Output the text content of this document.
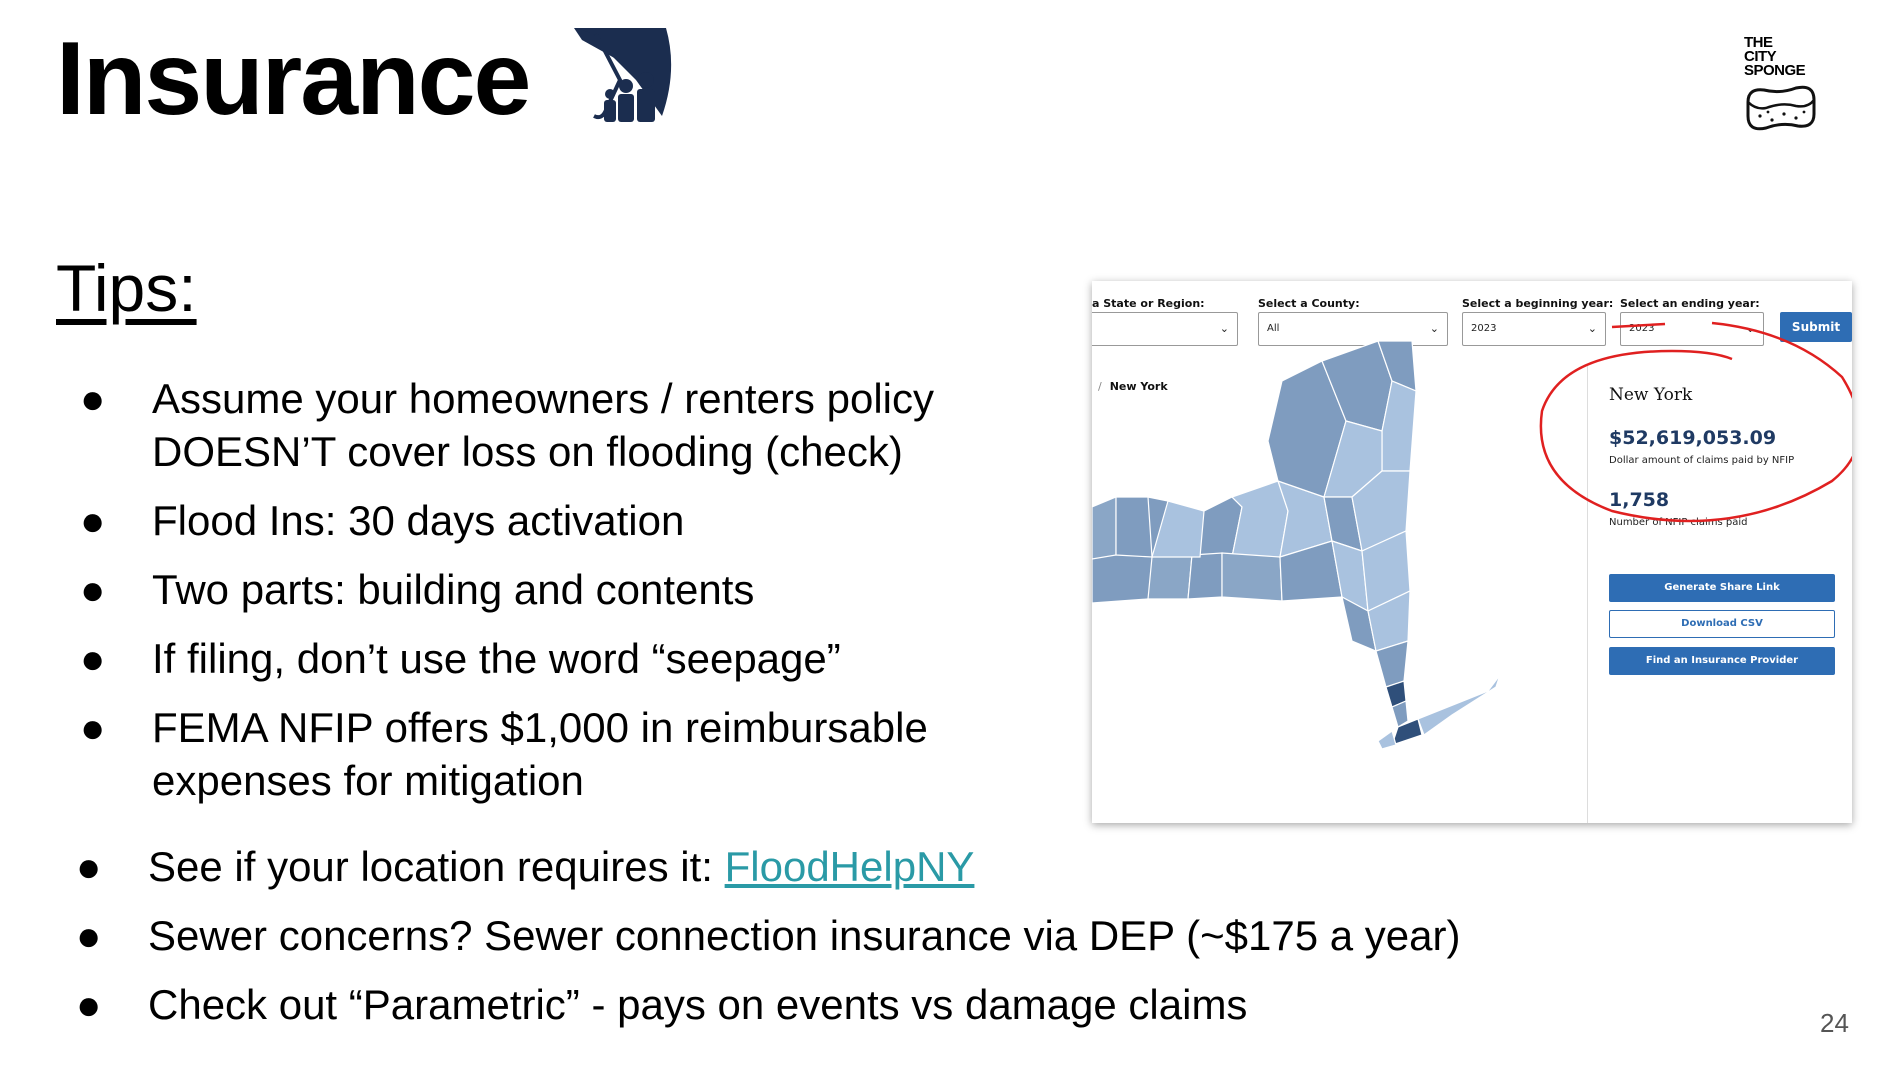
Insurance	THE
CITY
SPONGE
Tips:
● Assume your homeowners / renters policy
DOESN’T cover loss on flooding (check)
● Flood Ins: 30 days activation
● Two parts: building and contents
● If filing, don’t use the word “seepage”
● FEMA NFIP offers $1,000 in reimbursable
expenses for mitigation
● See if your location requires it: FloodHelpNY
● Sewer concerns? Sewer connection insurance via DEP (~$175 a year)
● Check out “Parametric” - pays on events vs damage claims
a State or Region:
⌄
Select a County:
All	⌄
Select a beginning year:
2023	⌄
Select an ending year:
2023	⌄	Submit
/ New York	New York
$52,619,053.09
Dollar amount of claims paid by NFIP
1,758
Number of NFIP claims paid
Generate Share Link
Download CSV
Find an Insurance Provider
24
